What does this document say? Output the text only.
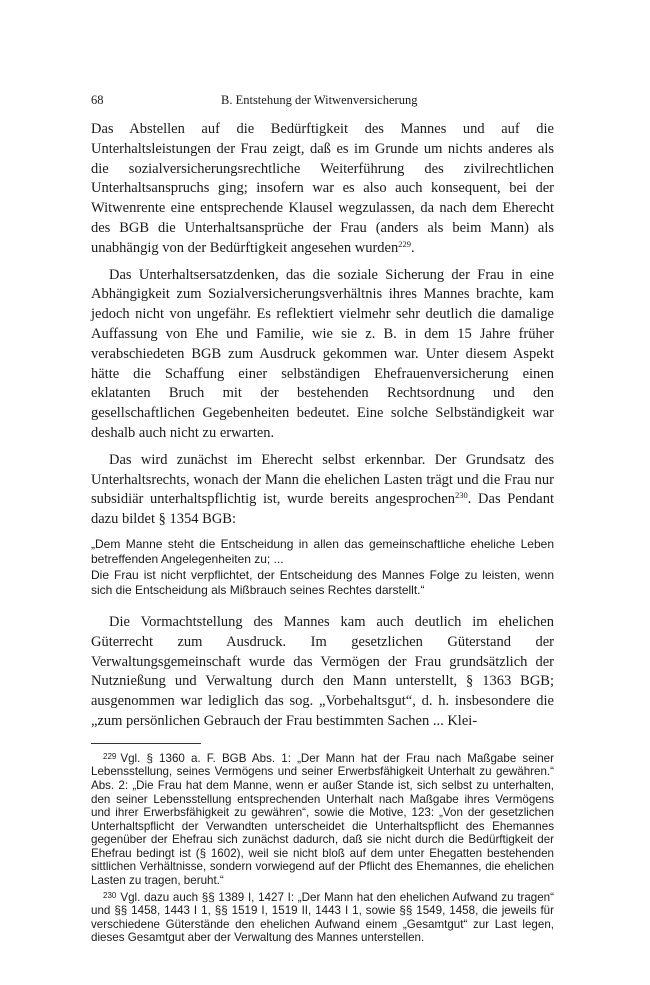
68	B. Entstehung der Witwenversicherung

Das Abstellen auf die Bedürftigkeit des Mannes und auf die Unterhaltsleistungen der Frau zeigt, daß es im Grunde um nichts anderes als die sozialversicherungsrechtliche Weiterführung des zivilrechtlichen Unterhaltsanspruchs ging; insofern war es also auch konsequent, bei der Witwenrente eine entsprechende Klausel wegzulassen, da nach dem Eherecht des BGB die Unterhaltsansprüche der Frau (anders als beim Mann) als unabhängig von der Bedürftigkeit angesehen wurden$^{229}$.

Das Unterhaltsersatzdenken, das die soziale Sicherung der Frau in eine Abhängigkeit zum Sozialversicherungsverhältnis ihres Mannes brachte, kam jedoch nicht von ungefähr. Es reflektiert vielmehr sehr deutlich die damalige Auffassung von Ehe und Familie, wie sie z. B. in dem 15 Jahre früher verabschiedeten BGB zum Ausdruck gekommen war. Unter diesem Aspekt hätte die Schaffung einer selbständigen Ehefrauenversicherung einen eklatanten Bruch mit der bestehenden Rechtsordnung und den gesellschaftlichen Gegebenheiten bedeutet. Eine solche Selbständigkeit war deshalb auch nicht zu erwarten.

Das wird zunächst im Eherecht selbst erkennbar. Der Grundsatz des Unterhaltsrechts, wonach der Mann die ehelichen Lasten trägt und die Frau nur subsidiär unterhaltspflichtig ist, wurde bereits angesprochen$^{230}$. Das Pendant dazu bildet § 1354 BGB:

„Dem Manne steht die Entscheidung in allen das gemeinschaftliche eheliche Leben betreffenden Angelegenheiten zu; ...

Die Frau ist nicht verpflichtet, der Entscheidung des Mannes Folge zu leisten, wenn sich die Entscheidung als Mißbrauch seines Rechtes darstellt.“

Die Vormachtstellung des Mannes kam auch deutlich im ehelichen Güterrecht zum Ausdruck. Im gesetzlichen Güterstand der Verwaltungsgemeinschaft wurde das Vermögen der Frau grundsätzlich der Nutznießung und Verwaltung durch den Mann unterstellt, § 1363 BGB; ausgenommen war lediglich das sog. „Vorbehaltsgut“, d. h. insbesondere die „zum persönlichen Gebrauch der Frau bestimmten Sachen ... Klei-

$^{229}$ Vgl. § 1360 a. F. BGB Abs. 1: „Der Mann hat der Frau nach Maßgabe seiner Lebensstellung, seines Vermögens und seiner Erwerbsfähigkeit Unterhalt zu gewähren.“ Abs. 2: „Die Frau hat dem Manne, wenn er außer Stande ist, sich selbst zu unterhalten, den seiner Lebensstellung entsprechenden Unterhalt nach Maßgabe ihres Vermögens und ihrer Erwerbsfähigkeit zu gewähren“, sowie die Motive, 123: „Von der gesetzlichen Unterhaltspflicht der Verwandten unterscheidet die Unterhaltspflicht des Ehemannes gegenüber der Ehefrau sich zunächst dadurch, daß sie nicht durch die Bedürftigkeit der Ehefrau bedingt ist (§ 1602), weil sie nicht bloß auf dem unter Ehegatten bestehenden sittlichen Verhältnisse, sondern vorwiegend auf der Pflicht des Ehemannes, die ehelichen Lasten zu tragen, beruht.“

$^{230}$ Vgl. dazu auch §§ 1389 I, 1427 I: „Der Mann hat den ehelichen Aufwand zu tragen“ und §§ 1458, 1443 I 1, §§ 1519 I, 1519 II, 1443 I 1, sowie §§ 1549, 1458, die jeweils für verschiedene Güterstände den ehelichen Aufwand einem „Gesamtgut“ zur Last legen, dieses Gesamtgut aber der Verwaltung des Mannes unterstellen.
